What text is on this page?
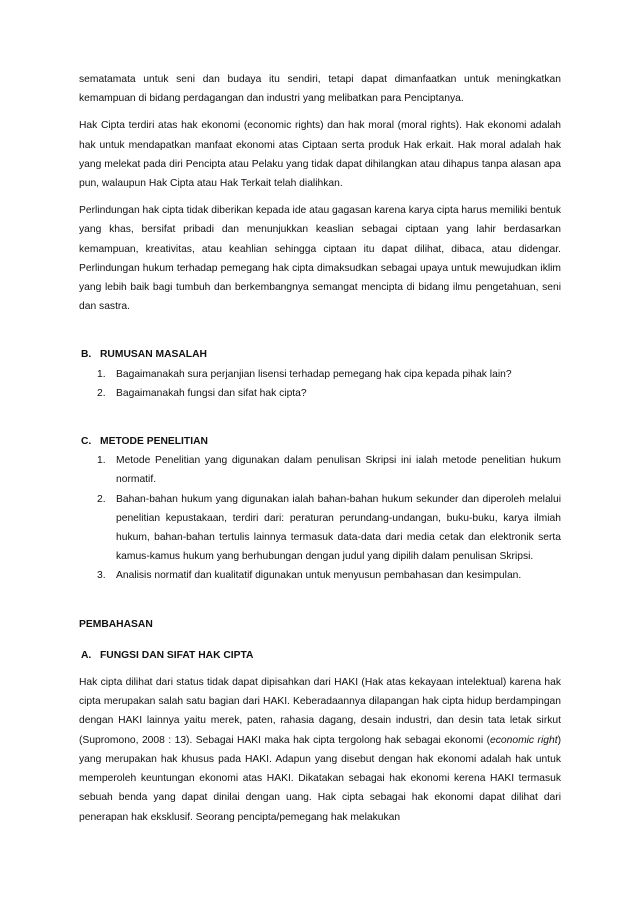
sematamata untuk seni dan budaya itu sendiri, tetapi dapat dimanfaatkan untuk meningkatkan kemampuan di bidang perdagangan dan industri yang melibatkan para Penciptanya.

Hak Cipta terdiri atas hak ekonomi (economic rights) dan hak moral (moral rights). Hak ekonomi adalah hak untuk mendapatkan manfaat ekonomi atas Ciptaan serta produk Hak erkait. Hak moral adalah hak yang melekat pada diri Pencipta atau Pelaku yang tidak dapat dihilangkan atau dihapus tanpa alasan apa pun, walaupun Hak Cipta atau Hak Terkait telah dialihkan.

Perlindungan hak cipta tidak diberikan kepada ide atau gagasan karena karya cipta harus memiliki bentuk yang khas, bersifat pribadi dan menunjukkan keaslian sebagai ciptaan yang lahir berdasarkan kemampuan, kreativitas, atau keahlian sehingga ciptaan itu dapat dilihat, dibaca, atau didengar. Perlindungan hukum terhadap pemegang hak cipta dimaksudkan sebagai upaya untuk mewujudkan iklim yang lebih baik bagi tumbuh dan berkembangnya semangat mencipta di bidang ilmu pengetahuan, seni dan sastra.

B. RUMUSAN MASALAH
1. Bagaimanakah sura perjanjian lisensi terhadap pemegang hak cipa kepada pihak lain?
2. Bagaimanakah fungsi dan sifat hak cipta?
C. METODE PENELITIAN
1. Metode Penelitian yang digunakan dalam penulisan Skripsi ini ialah metode penelitian hukum normatif.
2. Bahan-bahan hukum yang digunakan ialah bahan-bahan hukum sekunder dan diperoleh melalui penelitian kepustakaan, terdiri dari: peraturan perundang-undangan, buku-buku, karya ilmiah hukum, bahan-bahan tertulis lainnya termasuk data-data dari media cetak dan elektronik serta kamus-kamus hukum yang berhubungan dengan judul yang dipilih dalam penulisan Skripsi.
3. Analisis normatif dan kualitatif digunakan untuk menyusun pembahasan dan kesimpulan.
PEMBAHASAN
A. FUNGSI DAN SIFAT HAK CIPTA

Hak cipta dilihat dari status tidak dapat dipisahkan dari HAKI (Hak atas kekayaan intelektual) karena hak cipta merupakan salah satu bagian dari HAKI. Keberadaannya dilapangan hak cipta hidup berdampingan dengan HAKI lainnya yaitu merek, paten, rahasia dagang, desain industri, dan desin tata letak sirkut (Supromono, 2008 : 13). Sebagai HAKI maka hak cipta tergolong hak sebagai ekonomi (economic right) yang merupakan hak khusus pada HAKI. Adapun yang disebut dengan hak ekonomi adalah hak untuk memperoleh keuntungan ekonomi atas HAKI. Dikatakan sebagai hak ekonomi kerena HAKI termasuk sebuah benda yang dapat dinilai dengan uang. Hak cipta sebagai hak ekonomi dapat dilihat dari penerapan hak eksklusif. Seorang pencipta/pemegang hak melakukan
